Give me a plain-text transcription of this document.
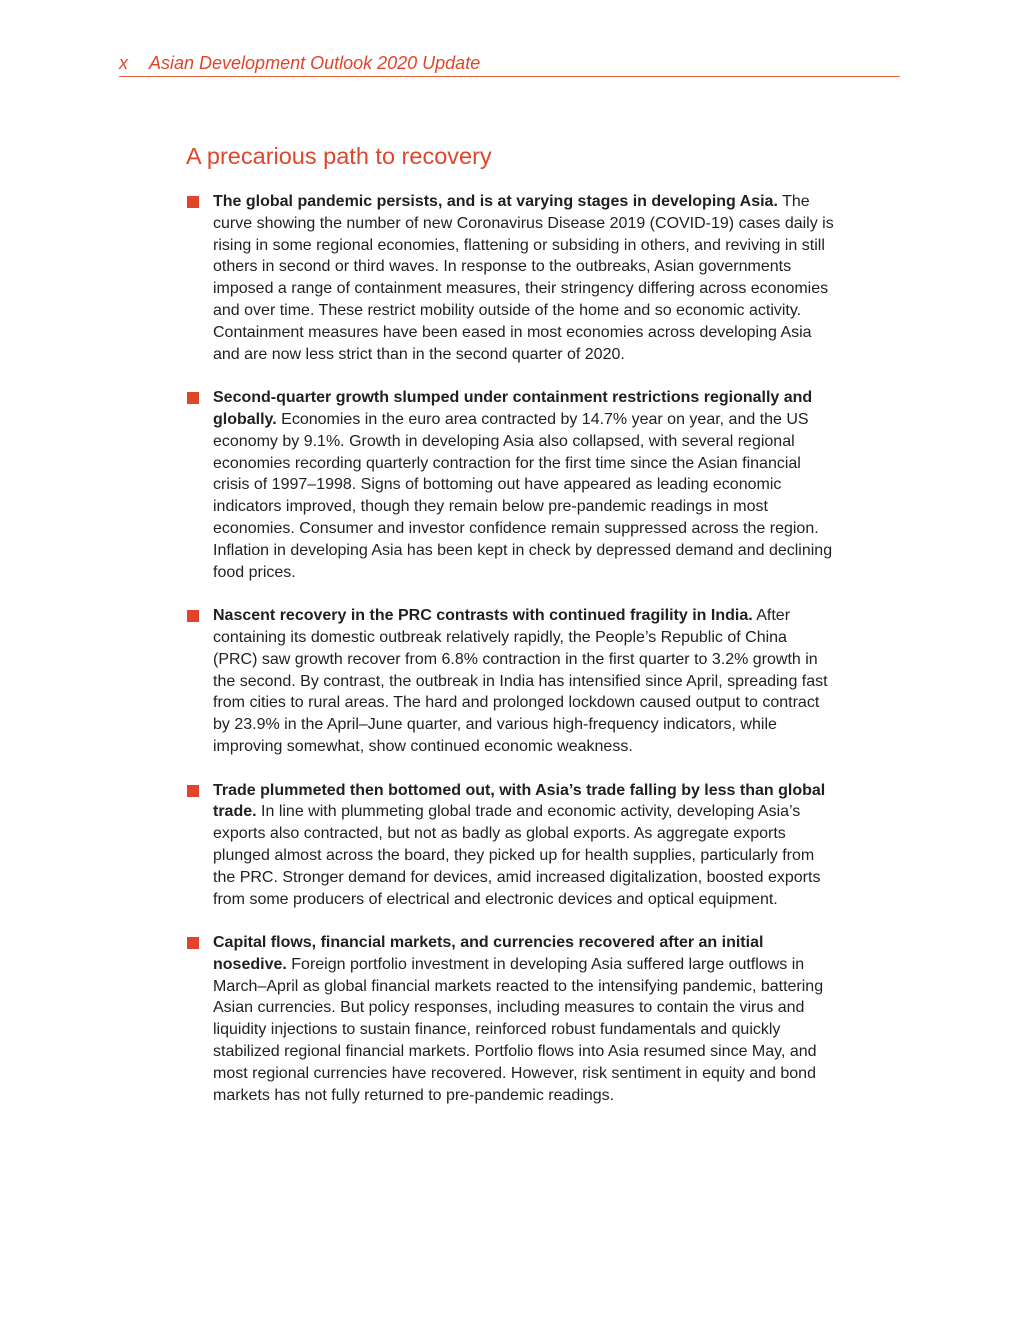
x Asian Development Outlook 2020 Update
A precarious path to recovery
The global pandemic persists, and is at varying stages in developing Asia. The curve showing the number of new Coronavirus Disease 2019 (COVID-19) cases daily is rising in some regional economies, flattening or subsiding in others, and reviving in still others in second or third waves. In response to the outbreaks, Asian governments imposed a range of containment measures, their stringency differing across economies and over time. These restrict mobility outside of the home and so economic activity. Containment measures have been eased in most economies across developing Asia and are now less strict than in the second quarter of 2020.
Second-quarter growth slumped under containment restrictions regionally and globally. Economies in the euro area contracted by 14.7% year on year, and the US economy by 9.1%. Growth in developing Asia also collapsed, with several regional economies recording quarterly contraction for the first time since the Asian financial crisis of 1997–1998. Signs of bottoming out have appeared as leading economic indicators improved, though they remain below pre-pandemic readings in most economies. Consumer and investor confidence remain suppressed across the region. Inflation in developing Asia has been kept in check by depressed demand and declining food prices.
Nascent recovery in the PRC contrasts with continued fragility in India. After containing its domestic outbreak relatively rapidly, the People’s Republic of China (PRC) saw growth recover from 6.8% contraction in the first quarter to 3.2% growth in the second. By contrast, the outbreak in India has intensified since April, spreading fast from cities to rural areas. The hard and prolonged lockdown caused output to contract by 23.9% in the April–June quarter, and various high-frequency indicators, while improving somewhat, show continued economic weakness.
Trade plummeted then bottomed out, with Asia’s trade falling by less than global trade. In line with plummeting global trade and economic activity, developing Asia’s exports also contracted, but not as badly as global exports. As aggregate exports plunged almost across the board, they picked up for health supplies, particularly from the PRC. Stronger demand for devices, amid increased digitalization, boosted exports from some producers of electrical and electronic devices and optical equipment.
Capital flows, financial markets, and currencies recovered after an initial nosedive. Foreign portfolio investment in developing Asia suffered large outflows in March–April as global financial markets reacted to the intensifying pandemic, battering Asian currencies. But policy responses, including measures to contain the virus and liquidity injections to sustain finance, reinforced robust fundamentals and quickly stabilized regional financial markets. Portfolio flows into Asia resumed since May, and most regional currencies have recovered. However, risk sentiment in equity and bond markets has not fully returned to pre-pandemic readings.
